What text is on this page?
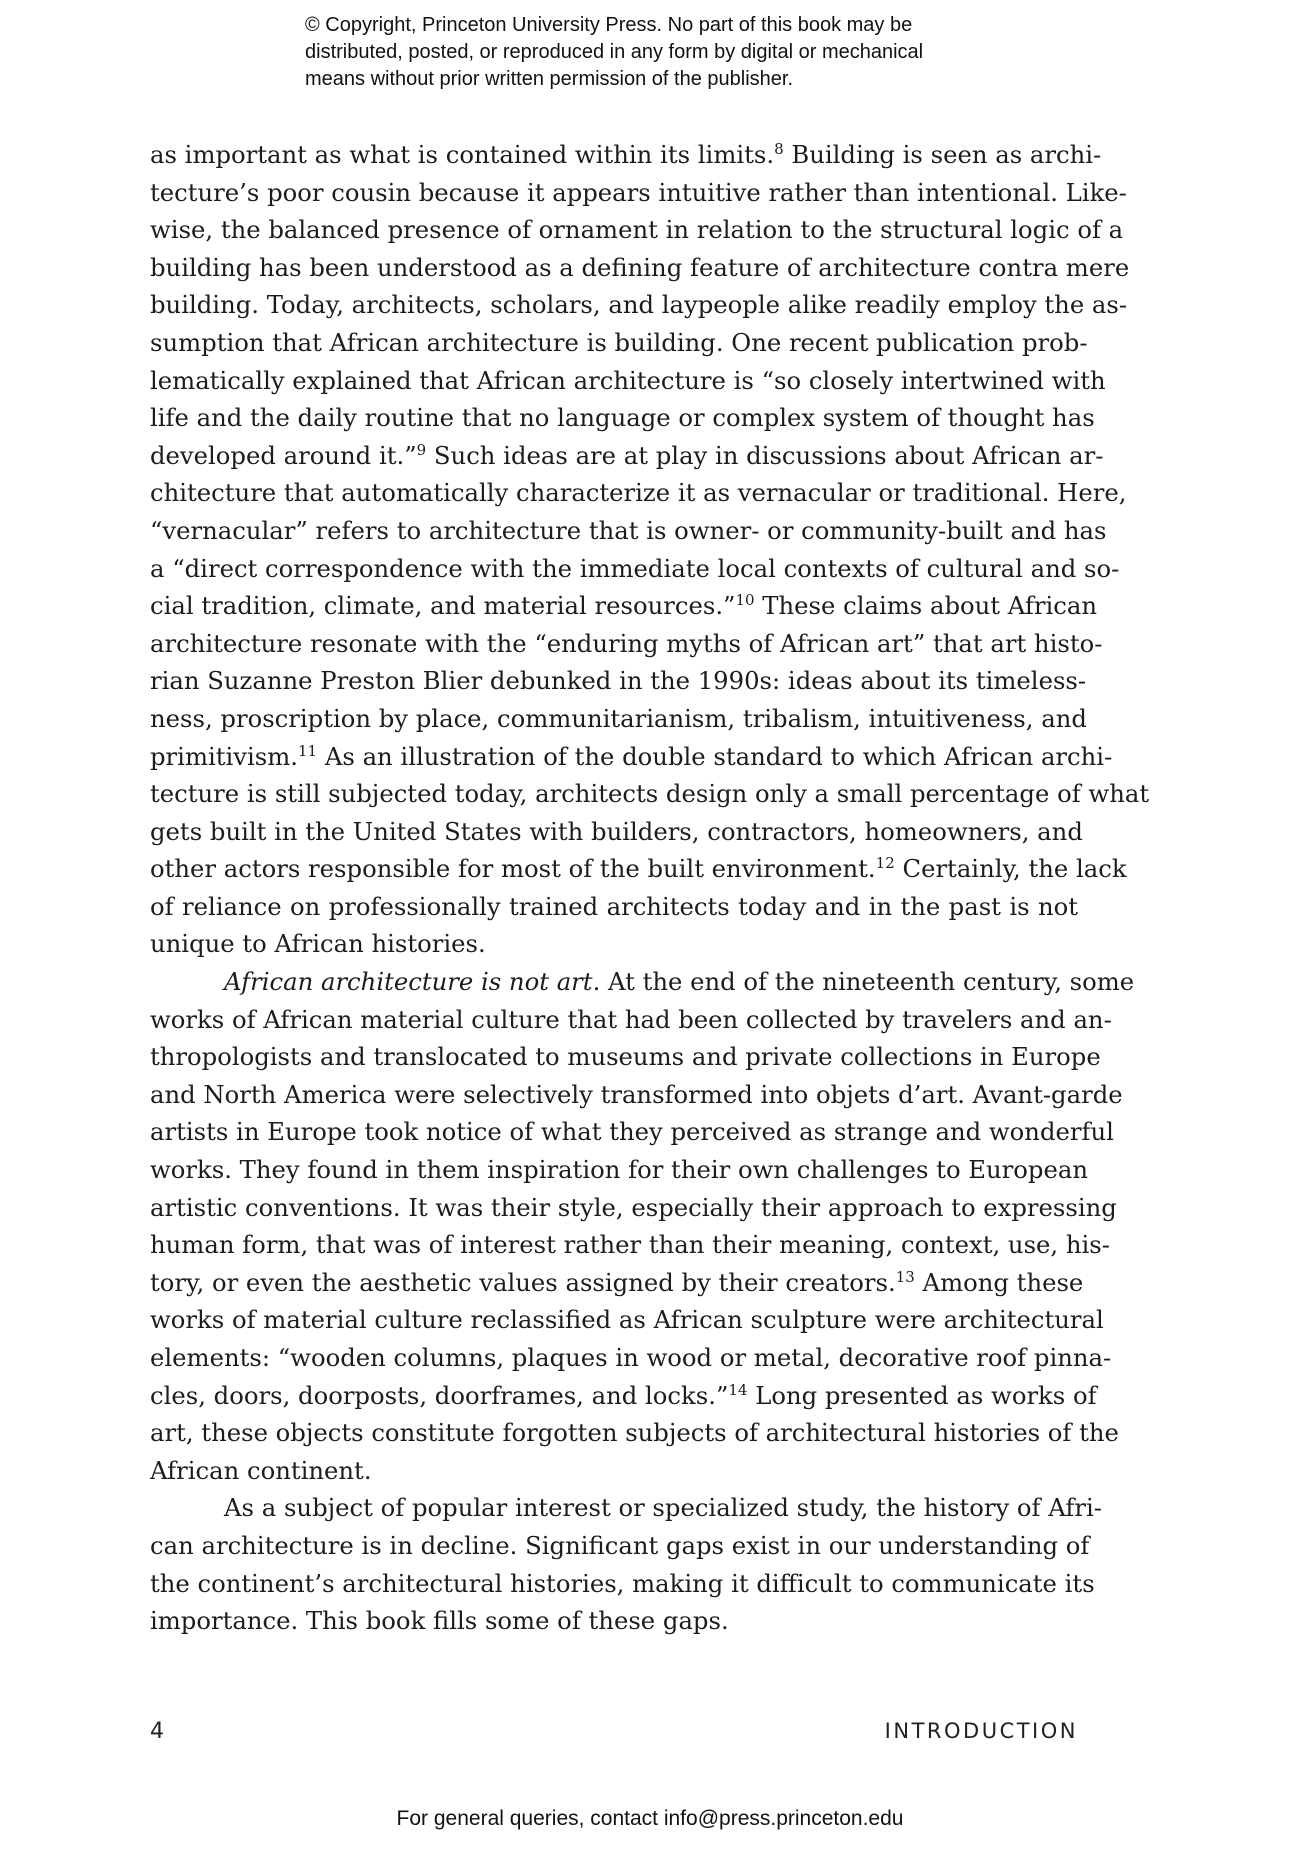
© Copyright, Princeton University Press. No part of this book may be
distributed, posted, or reproduced in any form by digital or mechanical
means without prior written permission of the publisher.
as important as what is contained within its limits.$^8$ Building is seen as archi-
tecture’s poor cousin because it appears intuitive rather than intentional. Like-
wise, the balanced presence of ornament in relation to the structural logic of a
building has been understood as a defining feature of architecture contra mere
building. Today, architects, scholars, and laypeople alike readily employ the as-
sumption that African architecture is building. One recent publication prob-
lematically explained that African architecture is “so closely intertwined with
life and the daily routine that no language or complex system of thought has
developed around it.”$^9$ Such ideas are at play in discussions about African ar-
chitecture that automatically characterize it as vernacular or traditional. Here,
“vernacular” refers to architecture that is owner- or community-built and has
a “direct correspondence with the immediate local contexts of cultural and so-
cial tradition, climate, and material resources.”$^{10}$ These claims about African
architecture resonate with the “enduring myths of African art” that art histo-
rian Suzanne Preston Blier debunked in the 1990s: ideas about its timeless-
ness, proscription by place, communitarianism, tribalism, intuitiveness, and
primitivism.$^{11}$ As an illustration of the double standard to which African archi-
tecture is still subjected today, architects design only a small percentage of what
gets built in the United States with builders, contractors, homeowners, and
other actors responsible for most of the built environment.$^{12}$ Certainly, the lack
of reliance on professionally trained architects today and in the past is not
unique to African histories.
African architecture is not art. At the end of the nineteenth century, some
works of African material culture that had been collected by travelers and an-
thropologists and translocated to museums and private collections in Europe
and North America were selectively transformed into objets d’art. Avant-garde
artists in Europe took notice of what they perceived as strange and wonderful
works. They found in them inspiration for their own challenges to European
artistic conventions. It was their style, especially their approach to expressing
human form, that was of interest rather than their meaning, context, use, his-
tory, or even the aesthetic values assigned by their creators.$^{13}$ Among these
works of material culture reclassified as African sculpture were architectural
elements: “wooden columns, plaques in wood or metal, decorative roof pinna-
cles, doors, doorposts, doorframes, and locks.”$^{14}$ Long presented as works of
art, these objects constitute forgotten subjects of architectural histories of the
African continent.
As a subject of popular interest or specialized study, the history of Afri-
can architecture is in decline. Significant gaps exist in our understanding of
the continent’s architectural histories, making it difficult to communicate its
importance. This book fills some of these gaps.
4	INTRODUCTION
For general queries, contact info@press.princeton.edu
